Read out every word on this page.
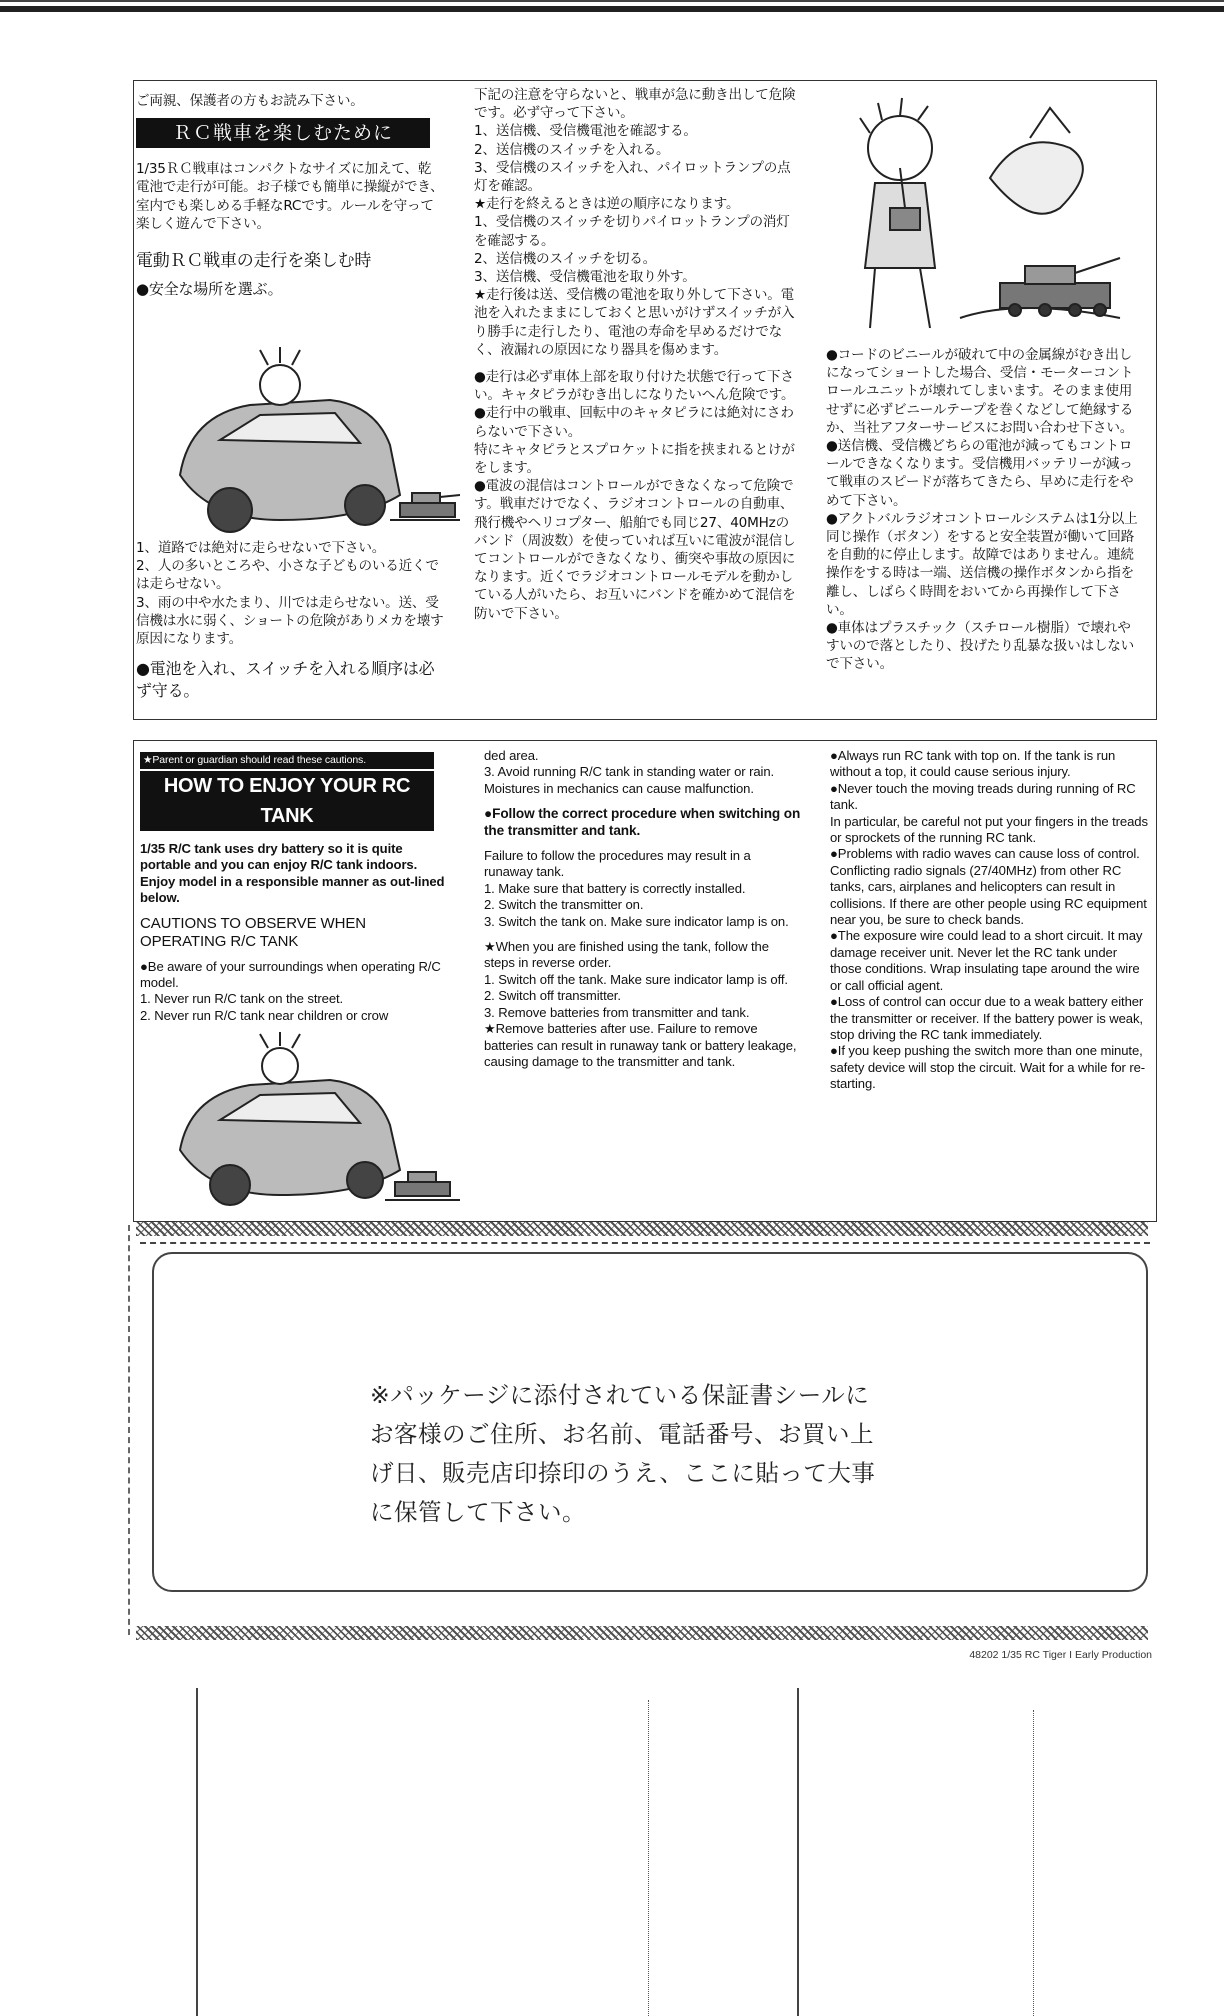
ご両親、保護者の方もお読み下さい。

ＲＣ戦車を楽しむために

1/35ＲＣ戦車はコンパクトなサイズに加えて、乾電池で走行が可能。お子様でも簡単に操縦ができ、室内でも楽しめる手軽なRCです。ルールを守って楽しく遊んで下さい。

電動ＲＣ戦車の走行を楽しむ時

●安全な場所を選ぶ。

1、道路では絶対に走らせないで下さい。

2、人の多いところや、小さな子どものいる近くでは走らせない。

3、雨の中や水たまり、川では走らせない。送、受信機は水に弱く、ショートの危険がありメカを壊す原因になります。

●電池を入れ、スイッチを入れる順序は必ず守る。

下記の注意を守らないと、戦車が急に動き出して危険です。必ず守って下さい。

1、送信機、受信機電池を確認する。

2、送信機のスイッチを入れる。

3、受信機のスイッチを入れ、パイロットランプの点灯を確認。

★走行を終えるときは逆の順序になります。

1、受信機のスイッチを切りパイロットランプの消灯を確認する。

2、送信機のスイッチを切る。

3、送信機、受信機電池を取り外す。

★走行後は送、受信機の電池を取り外して下さい。電池を入れたままにしておくと思いがけずスイッチが入り勝手に走行したり、電池の寿命を早めるだけでなく、液漏れの原因になり器具を傷めます。

●走行は必ず車体上部を取り付けた状態で行って下さい。キャタピラがむき出しになりたいへん危険です。

●走行中の戦車、回転中のキャタピラには絶対にさわらないで下さい。

特にキャタピラとスプロケットに指を挟まれるとけがをします。

●電波の混信はコントロールができなくなって危険です。戦車だけでなく、ラジオコントロールの自動車、飛行機やヘリコプター、船舶でも同じ27、40MHzのバンド（周波数）を使っていれば互いに電波が混信してコントロールができなくなり、衝突や事故の原因になります。近くでラジオコントロールモデルを動かしている人がいたら、お互いにバンドを確かめて混信を防いで下さい。

●コードのビニールが破れて中の金属線がむき出しになってショートした場合、受信・モーターコントロールユニットが壊れてしまいます。そのまま使用せずに必ずビニールテープを巻くなどして絶縁するか、当社アフターサービスにお問い合わせ下さい。

●送信機、受信機どちらの電池が減ってもコントロールできなくなります。受信機用バッテリーが減って戦車のスピードが落ちてきたら、早めに走行をやめて下さい。

●アクトバルラジオコントロールシステムは1分以上同じ操作（ボタン）をすると安全装置が働いて回路を自動的に停止します。故障ではありません。連続操作をする時は一端、送信機の操作ボタンから指を離し、しばらく時間をおいてから再操作して下さい。

●車体はプラスチック（スチロール樹脂）で壊れやすいので落としたり、投げたり乱暴な扱いはしないで下さい。

★Parent or guardian should read these cautions.
HOW TO ENJOY YOUR RC TANK

1/35 R/C tank uses dry battery so it is quite portable and you can enjoy R/C tank indoors. Enjoy model in a responsible manner as out-lined below.

CAUTIONS TO OBSERVE WHEN OPERATING R/C TANK

●Be aware of your surroundings when operating R/C model.

1. Never run R/C tank on the street.

2. Never run R/C tank near children or crow

ded area.

3. Avoid running R/C tank in standing water or rain. Moistures in mechanics can cause malfunction.

●Follow the correct procedure when switching on the transmitter and tank.

Failure to follow the procedures may result in a runaway tank.

1. Make sure that battery is correctly installed.

2. Switch the transmitter on.

3. Switch the tank on. Make sure indicator lamp is on.

★When you are finished using the tank, follow the steps in reverse order.

1. Switch off the tank. Make sure indicator lamp is off.

2. Switch off transmitter.

3. Remove batteries from transmitter and tank.

★Remove batteries after use. Failure to remove batteries can result in runaway tank or battery leakage, causing damage to the transmitter and tank.

●Always run RC tank with top on. If the tank is run without a top, it could cause serious injury.

●Never touch the moving treads during running of RC tank.

In particular, be careful not put your fingers in the treads or sprockets of the running RC tank.

●Problems with radio waves can cause loss of control. Conflicting radio signals (27/40MHz) from other RC tanks, cars, airplanes and helicopters can result in collisions. If there are other people using RC equipment near you, be sure to check bands.

●The exposure wire could lead to a short circuit. It may damage receiver unit. Never let the RC tank under those conditions. Wrap insulating tape around the wire or call official agent.

●Loss of control can occur due to a weak battery either the transmitter or receiver. If the battery power is weak, stop driving the RC tank immediately.

●If you keep pushing the switch more than one minute, safety device will stop the circuit. Wait for a while for re-starting.

※パッケージに添付されている保証書シールに

お客様のご住所、お名前、電話番号、お買い上

げ日、販売店印捺印のうえ、ここに貼って大事

に保管して下さい。

48202 1/35 RC Tiger I Early Production
